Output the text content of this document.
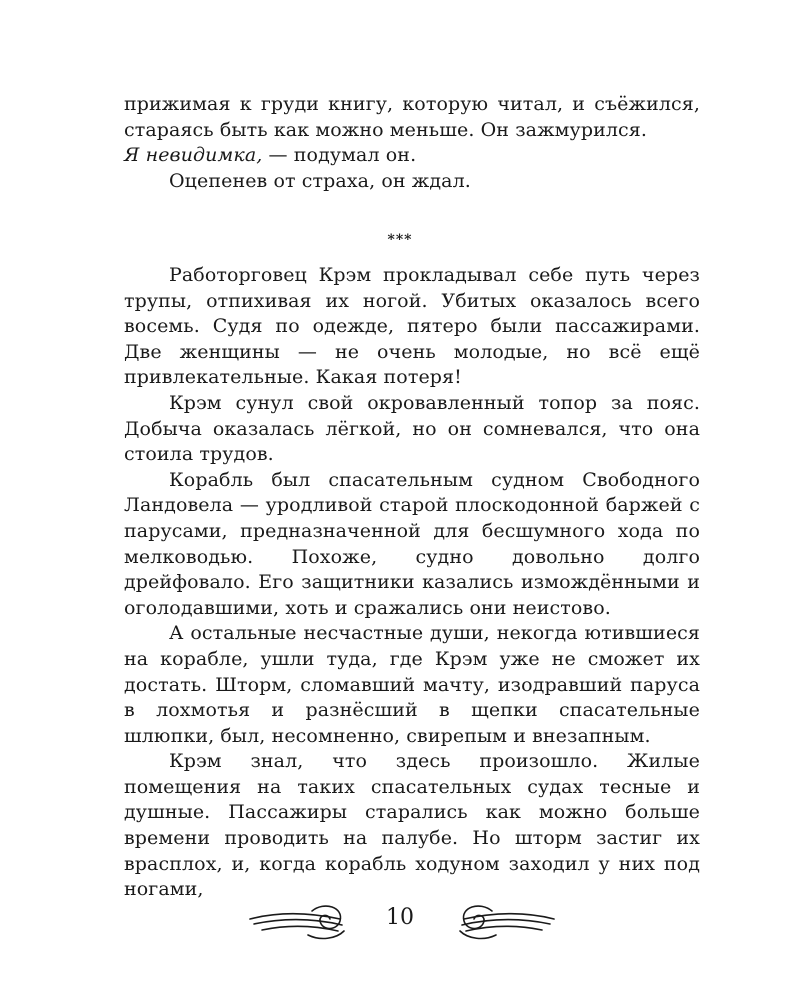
прижимая к груди книгу, которую читал, и съёжился, стараясь быть как можно меньше. Он зажмурился.
Я невидимка, — подумал он.

Оцепенев от страха, он ждал.

***

Работорговец Крэм прокладывал себе путь через трупы, отпихивая их ногой. Убитых оказалось всего восемь. Судя по одежде, пятеро были пассажирами. Две женщины — не очень молодые, но всё ещё привлекательные. Какая потеря!

Крэм сунул свой окровавленный топор за пояс. Добыча оказалась лёгкой, но он сомневался, что она стоила трудов.

Корабль был спасательным судном Свободного Ландовела — уродливой старой плоскодонной баржей с парусами, предназначенной для бесшумного хода по мелководью. Похоже, судно довольно долго дрейфовало. Его защитники казались измождёнными и оголодавшими, хоть и сражались они неистово.

А остальные несчастные души, некогда ютившиеся на корабле, ушли туда, где Крэм уже не сможет их достать. Шторм, сломавший мачту, изодравший паруса в лохмотья и разнёсший в щепки спасательные шлюпки, был, несомненно, свирепым и внезапным.

Крэм знал, что здесь произошло. Жилые помещения на таких спасательных судах тесные и душные. Пассажиры старались как можно больше времени проводить на палубе. Но шторм застиг их врасплох, и, когда корабль ходуном заходил у них под ногами,

10
